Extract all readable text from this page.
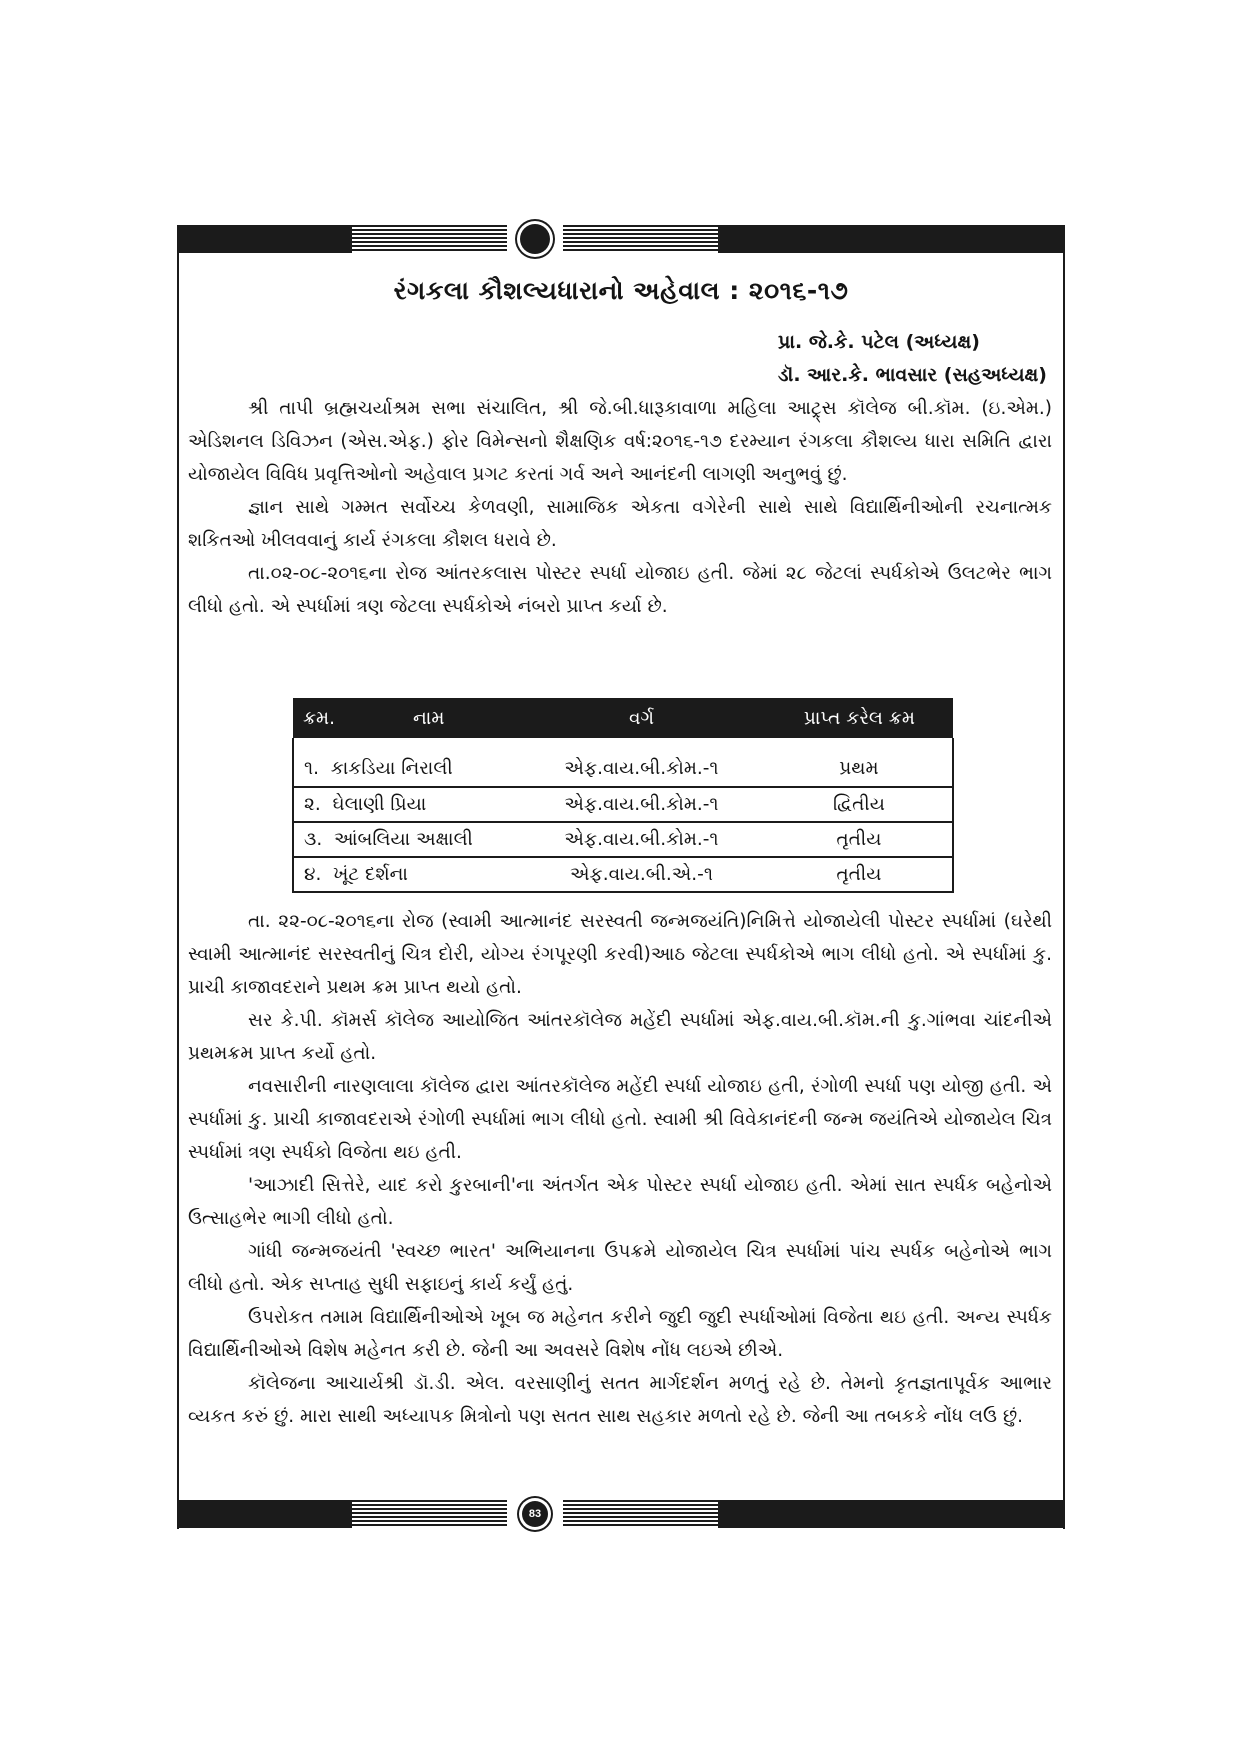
રંગકલા કૌશલ્યધારાનો અહેવાલ : ૨૦૧૬-૧૭
પ્રા. જે.કે. પટેલ (અધ્યક્ષ)
ડૉ. આર.કે. ભાવસાર (સહઅધ્યક્ષ)

શ્રી તાપી બ્રહ્મચર્યાશ્રમ સભા સંચાલિત, શ્રી જે.બી.ધારૂકાવાળા મહિલા આટ્ર્સ કૉલેજ બી.કૉમ. (ઇ.એમ.) એડિશનલ ડિવિઝન (એસ.એફ.) ફોર વિમેન્સનો શૈક્ષણિક વર્ષ:૨૦૧૬-૧૭ દરમ્યાન રંગકલા કૌશલ્ય ધારા સમિતિ દ્વારા યોજાયેલ વિવિધ પ્રવૃત્તિઓનો અહેવાલ પ્રગટ કરતાં ગર્વ અને આનંદની લાગણી અનુભવું છું.

જ્ઞાન સાથે ગમ્મત સર્વોચ્ચ કેળવણી, સામાજિક એકતા વગેરેની સાથે સાથે વિદ્યાર્થિનીઓની રચનાત્મક શકિતઓ ખીલવવાનું કાર્ય રંગકલા કૌશલ ધરાવે છે.

તા.૦૨-૦૮-૨૦૧૬ના રોજ આંતરકલાસ પોસ્ટર સ્પર્ધા યોજાઇ હતી. જેમાં ૨૮ જેટલાં સ્પર્ધકોએ ઉલટભેર ભાગ લીધો હતો. એ સ્પર્ધામાં ત્રણ જેટલા સ્પર્ધકોએ નંબરો પ્રાપ્ત કર્યા છે.

ક્રમ.	નામ	વર્ગ	પ્રાપ્ત કરેલ ક્રમ
૧. કાકડિયા નિરાલી		એફ.વાય.બી.કોમ.-૧	પ્રથમ
૨. ઘેલાણી પ્રિયા		એફ.વાય.બી.કોમ.-૧	દ્વિતીય
૩. આંબલિયા અક્ષાલી		એફ.વાય.બી.કોમ.-૧	તૃતીય
૪. ખૂંટ દર્શના		એફ.વાય.બી.એ.-૧	તૃતીય

તા. ૨૨-૦૮-૨૦૧૬ના રોજ (સ્વામી આત્માનંદ સરસ્વતી જન્મજયંતિ)નિમિત્તે યોજાયેલી પોસ્ટર સ્પર્ધામાં (ઘરેથી સ્વામી આત્માનંદ સરસ્વતીનું ચિત્ર દોરી, યોગ્ય રંગપૂરણી કરવી)આઠ જેટલા સ્પર્ધકોએ ભાગ લીધો હતો. એ સ્પર્ધામાં કુ. પ્રાચી કાજાવદરાને પ્રથમ ક્રમ પ્રાપ્ત થયો હતો.

સર કે.પી. કૉમર્સ કૉલેજ આયોજિત આંતરકૉલેજ મહેંદી સ્પર્ધામાં એફ.વાય.બી.કૉમ.ની કુ.ગાંભવા ચાંદનીએ પ્રથમક્રમ પ્રાપ્ત કર્યો હતો.

નવસારીની નારણલાલા કૉલેજ દ્વારા આંતરકૉલેજ મહેંદી સ્પર્ધા યોજાઇ હતી, રંગોળી સ્પર્ધા પણ યોજી હતી. એ સ્પર્ધામાં કુ. પ્રાચી કાજાવદરાએ રંગોળી સ્પર્ધામાં ભાગ લીધો હતો. સ્વામી શ્રી વિવેકાનંદની જન્મ જયંતિએ યોજાયેલ ચિત્ર સ્પર્ધામાં ત્રણ સ્પર્ધકો વિજેતા થઇ હતી.

'આઝાદી સિત્તેરે, યાદ કરો કુરબાની'ના અંતર્ગત એક પોસ્ટર સ્પર્ધા યોજાઇ હતી. એમાં સાત સ્પર્ધક બહેનોએ ઉત્સાહભેર ભાગી લીધો હતો.

ગાંધી જન્મજયંતી 'સ્વચ્છ ભારત' અભિયાનના ઉપક્રમે યોજાયેલ ચિત્ર સ્પર્ધામાં પાંચ સ્પર્ધક બહેનોએ ભાગ લીધો હતો. એક સપ્તાહ સુધી સફાઇનું કાર્ય કર્યું હતું.

ઉપરોકત તમામ વિદ્યાર્થિનીઓએ ખૂબ જ મહેનત કરીને જુદી જુદી સ્પર્ધાઓમાં વિજેતા થઇ હતી. અન્ય સ્પર્ધક વિદ્યાર્થિનીઓએ વિશેષ મહેનત કરી છે. જેની આ અવસરે વિશેષ નોંધ લઇએ છીએ.

કૉલેજના આચાર્યશ્રી ડૉ.ડી. એલ. વરસાણીનું સતત માર્ગદર્શન મળતું રહે છે. તેમનો કૃતજ્ઞતાપૂર્વક આભાર વ્યકત કરું છું. મારા સાથી અધ્યાપક મિત્રોનો પણ સતત સાથ સહકાર મળતો રહે છે. જેની આ તબકકે નોંધ લઉ છું.

83
